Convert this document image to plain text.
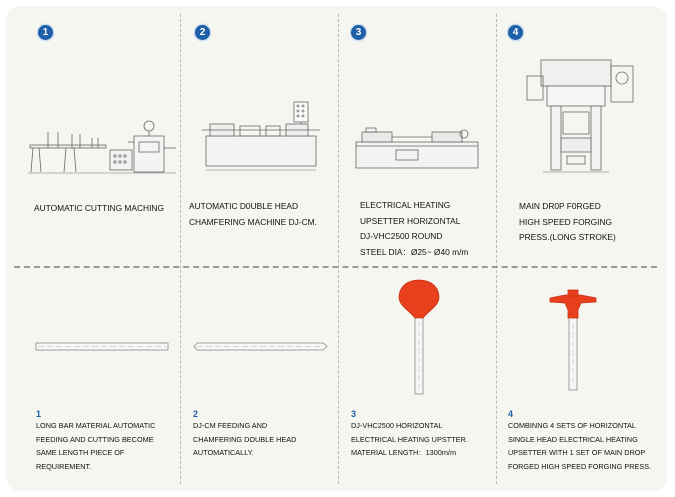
1	2	3	4
AUTOMATIC CUTTING MACHING	AUTOMATIC D0UBLE HEAD
CHAMFERING MACHINE DJ-CM.
ELECTRICAL HEATING
UPSETTER HORIZONTAL
DJ-VHC2500 ROUND
STEEL DIA：Ø25~ Ø40 m/m
MAIN DR0P F0RGED
HIGH SPEED FORGING
PRESS.(LONG STROKE)
1	2	3	4
LONG BAR MATERIAL AUTOMATIC
FEEDING AND CUTTING BECOME
SAME LENGTH PIECE OF
REQUIREMENT.
DJ-CM FEEDING AND
CHAMFERING DOUBLE HEAD
AUTOMATICALLY.
DJ-VHC2500 HORIZONTAL
ELECTRICAL HEATING UPSTTER.
MATERIAL LENGTH：1300m/m
COMBINNG 4 SETS OF HORIZONTAL
SINGLE HEAD ELECTRICAL HEATING
UPSETTER WITH 1 SET OF MAIN DROP
FORGED HIGH SPEED FORGING PRESS.
